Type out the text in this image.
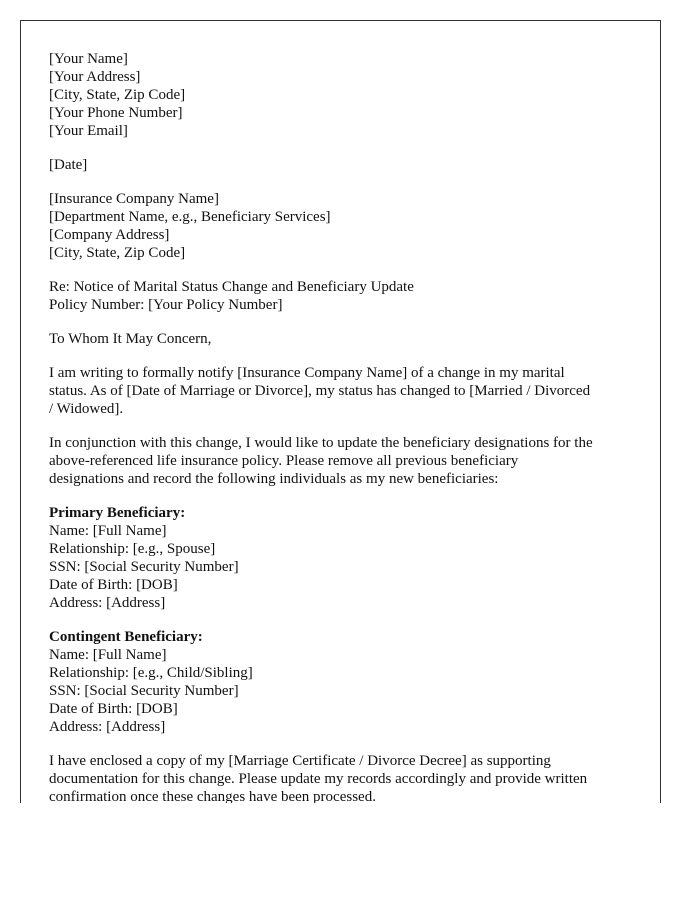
[Your Name]
[Your Address]
[City, State, Zip Code]
[Your Phone Number]
[Your Email]
[Date]
[Insurance Company Name]
[Department Name, e.g., Beneficiary Services]
[Company Address]
[City, State, Zip Code]
Re: Notice of Marital Status Change and Beneficiary Update
Policy Number: [Your Policy Number]
To Whom It May Concern,
I am writing to formally notify [Insurance Company Name] of a change in my marital
status. As of [Date of Marriage or Divorce], my status has changed to [Married / Divorced
/ Widowed].
In conjunction with this change, I would like to update the beneficiary designations for the
above-referenced life insurance policy. Please remove all previous beneficiary
designations and record the following individuals as my new beneficiaries:
Primary Beneficiary:
Name: [Full Name]
Relationship: [e.g., Spouse]
SSN: [Social Security Number]
Date of Birth: [DOB]
Address: [Address]
Contingent Beneficiary:
Name: [Full Name]
Relationship: [e.g., Child/Sibling]
SSN: [Social Security Number]
Date of Birth: [DOB]
Address: [Address]
I have enclosed a copy of my [Marriage Certificate / Divorce Decree] as supporting
documentation for this change. Please update my records accordingly and provide written
confirmation once these changes have been processed.
